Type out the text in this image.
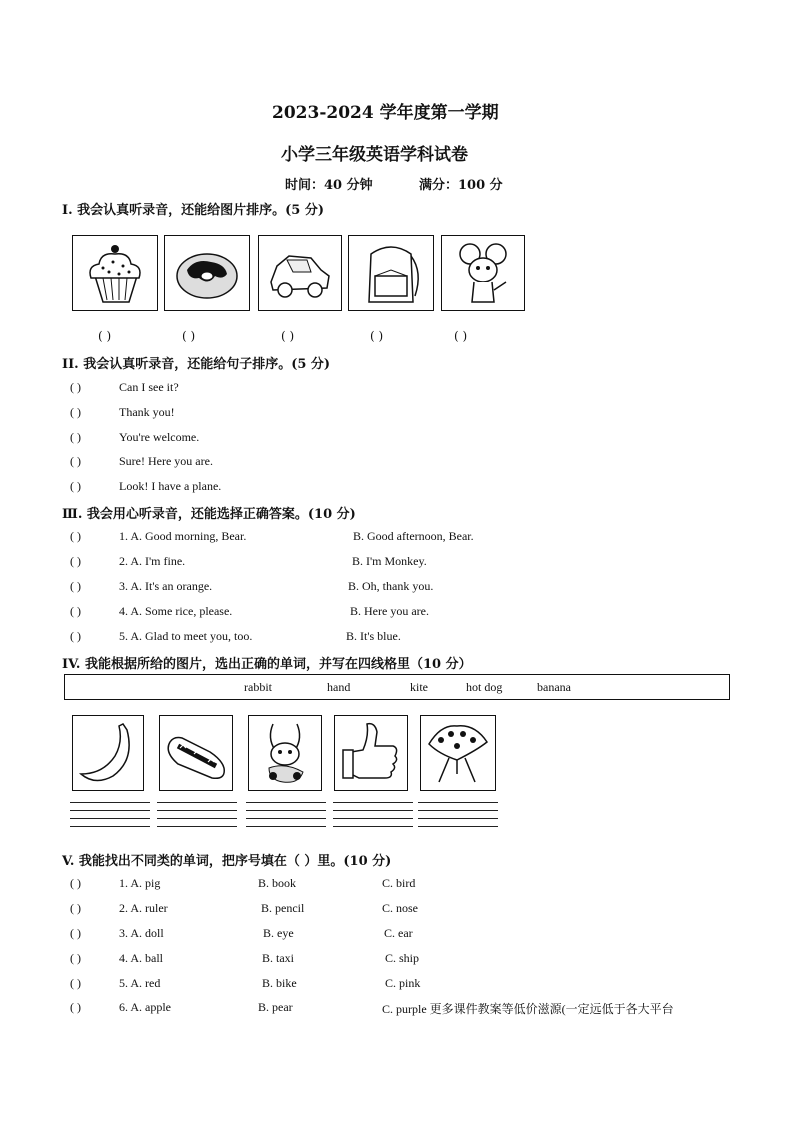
2023-2024 学年度第一学期
小学三年级英语学科试卷
时间：40 分钟	满分：100 分
I. 我会认真听录音，还能给图片排序。(5 分)
( )	( )	( )	( )	( )
II. 我会认真听录音，还能给句子排序。(5 分)
( )	Can I see it?
( )	Thank you!
( )	You're welcome.
( )	Sure! Here you are.
( )	Look! I have a plane.
Ⅲ. 我会用心听录音，还能选择正确答案。(10 分)
( )	1. A. Good morning, Bear.	B. Good afternoon, Bear.
( )	2. A. I'm fine.	B. I'm Monkey.
( )	3. A. It's an orange.	B. Oh, thank you.
( )	4. A. Some rice, please.	B. Here you are.
( )	5. A. Glad to meet you, too.	B. It's blue.
IV. 我能根据所给的图片，选出正确的单词，并写在四线格里（10 分）
rabbit	hand	kite	hot dog	banana
V. 我能找出不同类的单词，把序号填在（ ）里。(10 分)
( )	1. A. pig	B. book	C. bird
( )	2. A. ruler	B. pencil	C. nose
( )	3. A. doll	B. eye	C. ear
( )	4. A. ball	B. taxi	C. ship
( )	5. A. red	B. bike	C. pink
( )	6. A. apple	B. pear	C. purple 更多课件教案等低价滋源(一定远低于各大平台
